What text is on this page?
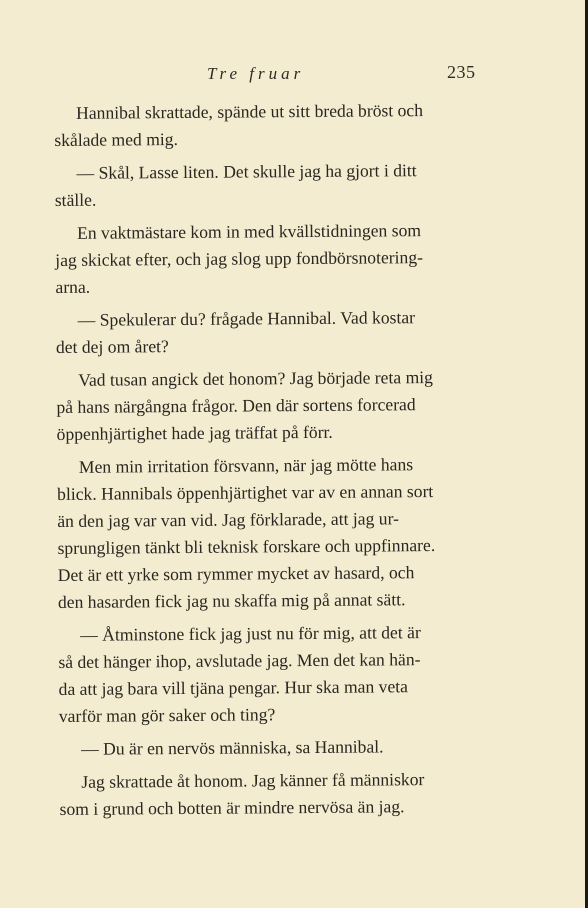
Tre fruar	235
Hannibal skrattade, spände ut sitt breda bröst och
skålade med mig.
— Skål, Lasse liten. Det skulle jag ha gjort i ditt
ställe.
En vaktmästare kom in med kvällstidningen som
jag skickat efter, och jag slog upp fondbörsnotering-
arna.
— Spekulerar du? frågade Hannibal. Vad kostar
det dej om året?
Vad tusan angick det honom? Jag började reta mig
på hans närgångna frågor. Den där sortens forcerad
öppenhjärtighet hade jag träffat på förr.
Men min irritation försvann, när jag mötte hans
blick. Hannibals öppenhjärtighet var av en annan sort
än den jag var van vid. Jag förklarade, att jag ur-
sprungligen tänkt bli teknisk forskare och uppfinnare.
Det är ett yrke som rymmer mycket av hasard, och
den hasarden fick jag nu skaffa mig på annat sätt.
— Åtminstone fick jag just nu för mig, att det är
så det hänger ihop, avslutade jag. Men det kan hän-
da att jag bara vill tjäna pengar. Hur ska man veta
varför man gör saker och ting?
— Du är en nervös människa, sa Hannibal.
Jag skrattade åt honom. Jag känner få människor
som i grund och botten är mindre nervösa än jag.
